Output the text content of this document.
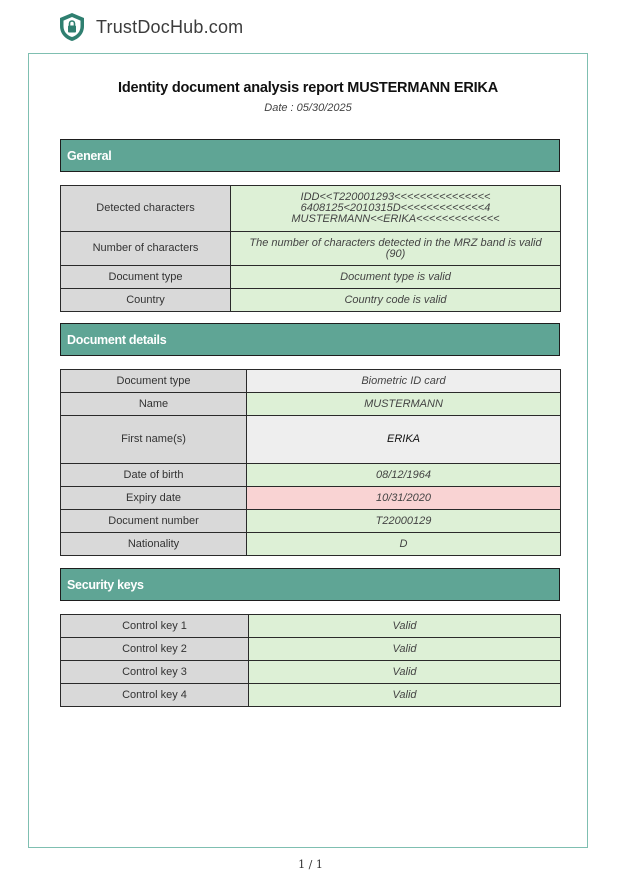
TrustDocHub.com
Identity document analysis report MUSTERMANN ERIKA
Date : 05/30/2025
General
Detected characters	IDD<<T220001293<<<<<<<<<<<<<<<
6408125<2010315D<<<<<<<<<<<<<4
MUSTERMANN<<ERIKA<<<<<<<<<<<<<

Number of characters	The number of characters detected in the MRZ band is valid
(90)

Document type	Document type is valid
Country	Country code is valid
Document details
Document type	Biometric ID card
Name	MUSTERMANN
First name(s)	ERIKA
Date of birth	08/12/1964
Expiry date	10/31/2020
Document number	T22000129
Nationality	D
Security keys
Control key 1	Valid
Control key 2	Valid
Control key 3	Valid
Control key 4	Valid
1 / 1
